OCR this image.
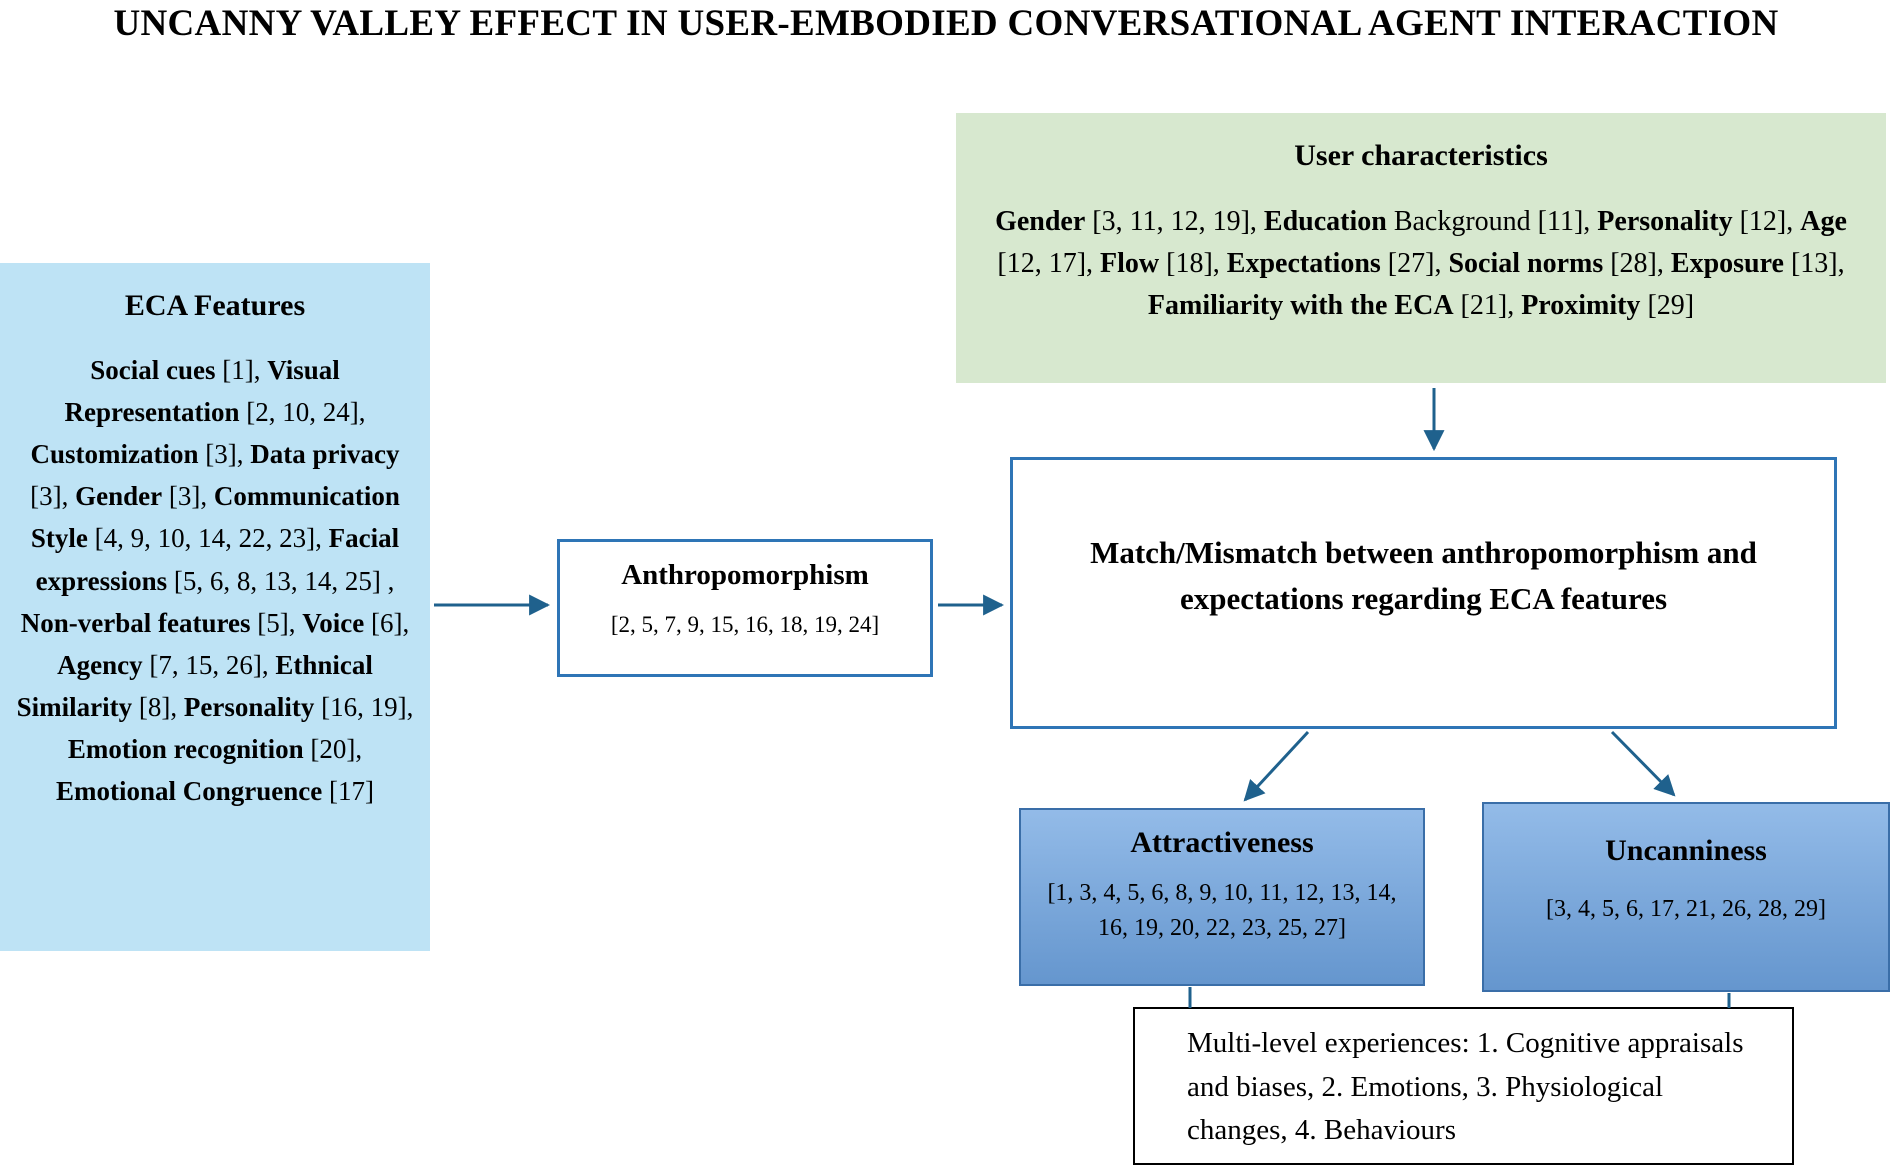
UNCANNY VALLEY EFFECT IN USER-EMBODIED CONVERSATIONAL AGENT INTERACTION
ECA Features
Social cues [1], Visual Representation [2, 10, 24], Customization [3], Data privacy [3], Gender [3], Communication Style [4, 9, 10, 14, 22, 23], Facial expressions [5, 6, 8, 13, 14, 25] , Non-verbal features [5], Voice [6], Agency [7, 15, 26], Ethnical Similarity [8], Personality [16, 19], Emotion recognition [20], Emotional Congruence [17]
User characteristics
Gender [3, 11, 12, 19], Education Background [11], Personality [12], Age [12, 17], Flow [18], Expectations [27], Social norms [28], Exposure [13], Familiarity with the ECA [21], Proximity [29]
Anthropomorphism
[2, 5, 7, 9, 15, 16, 18, 19, 24]
Match/Mismatch between anthropomorphism and expectations regarding ECA features
Attractiveness
[1, 3, 4, 5, 6, 8, 9, 10, 11, 12, 13, 14, 16, 19, 20, 22, 23, 25, 27]
Uncanniness
[3, 4, 5, 6, 17, 21, 26, 28, 29]
Multi-level experiences: 1. Cognitive appraisals and biases, 2. Emotions, 3. Physiological changes, 4. Behaviours
